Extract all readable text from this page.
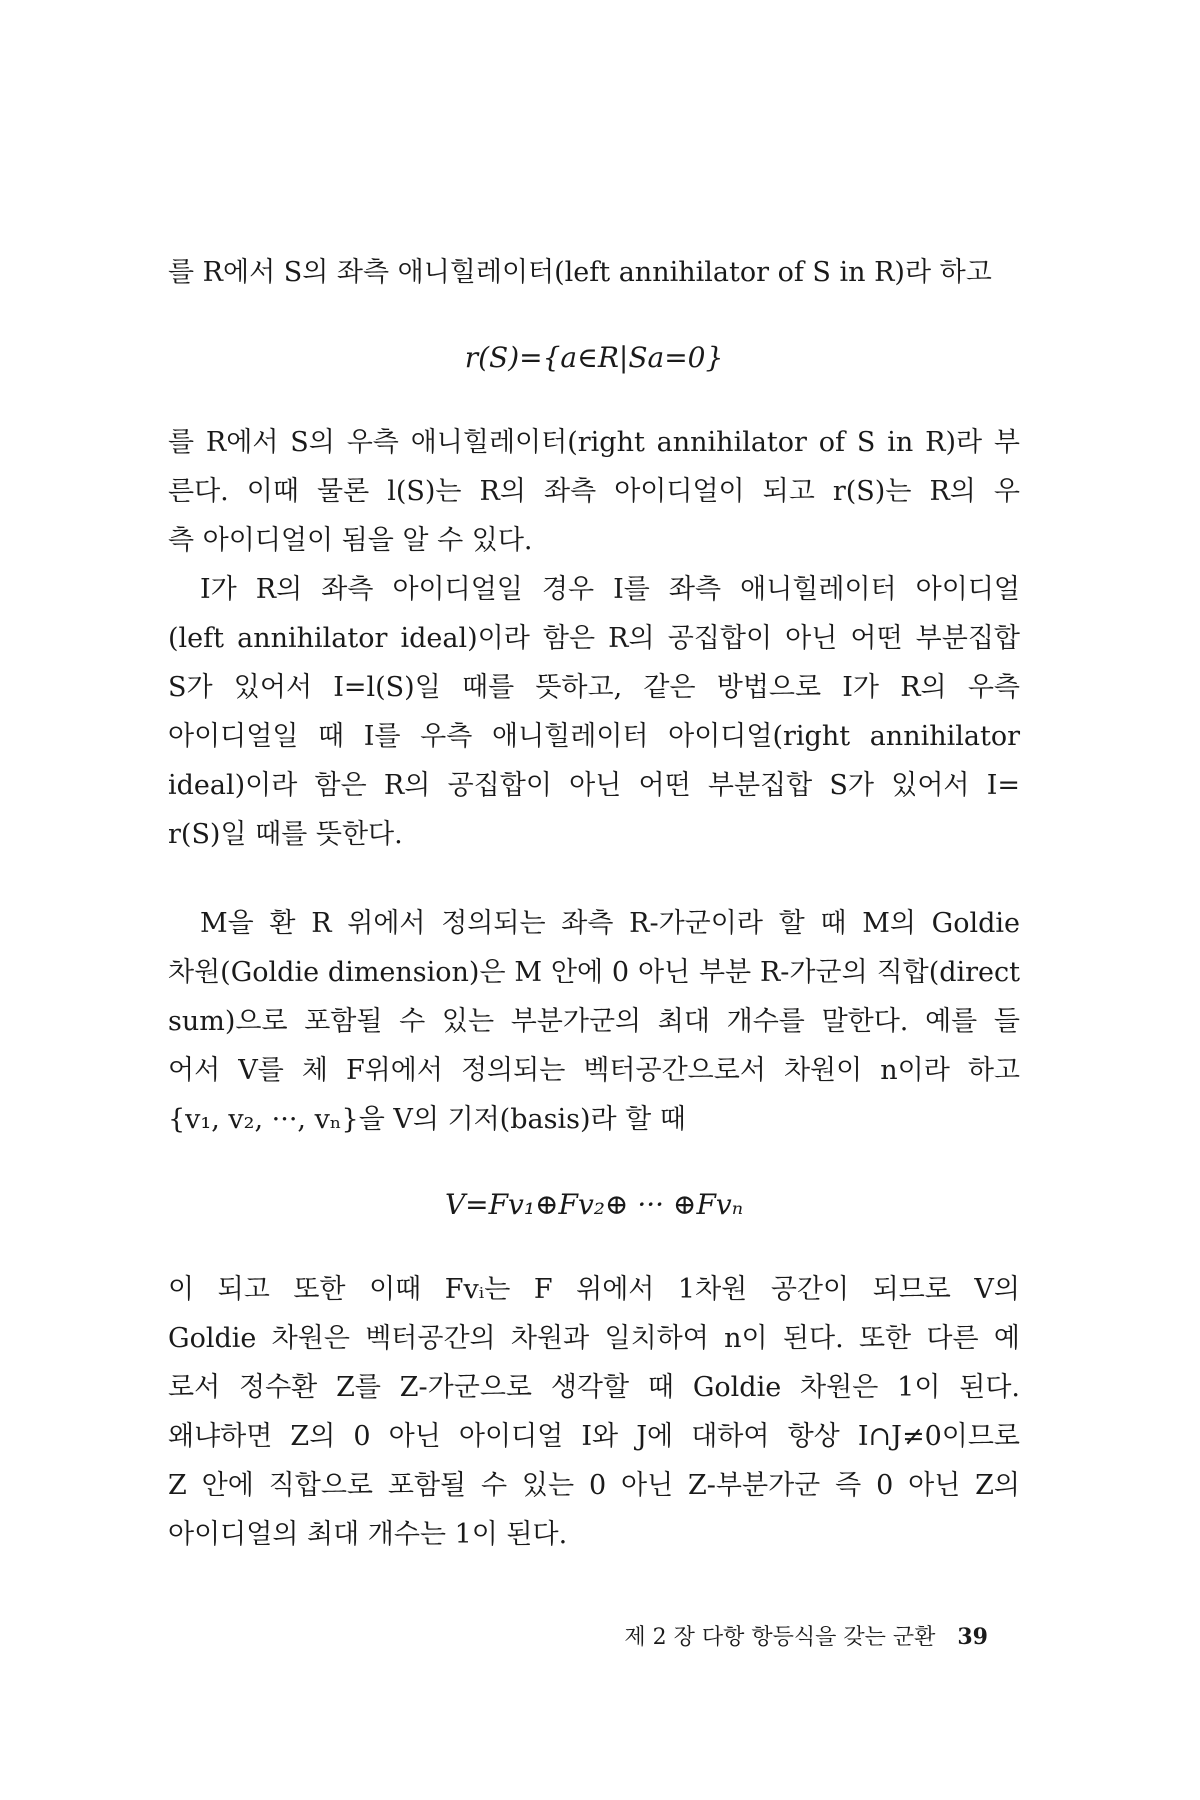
를 R에서 S의 좌측 애니힐레이터(left annihilator of S in R)라 하고
r(S)={a∈R|Sa=0}
를 R에서 S의 우측 애니힐레이터(right annihilator of S in R)라 부
른다. 이때 물론 l(S)는 R의 좌측 아이디얼이 되고 r(S)는 R의 우
측 아이디얼이 됨을 알 수 있다.
I가 R의 좌측 아이디얼일 경우 I를 좌측 애니힐레이터 아이디얼
(left annihilator ideal)이라 함은 R의 공집합이 아닌 어떤 부분집합
S가 있어서 I=l(S)일 때를 뜻하고, 같은 방법으로 I가 R의 우측
아이디얼일 때 I를 우측 애니힐레이터 아이디얼(right annihilator
ideal)이라 함은 R의 공집합이 아닌 어떤 부분집합 S가 있어서 I=
r(S)일 때를 뜻한다.
M을 환 R 위에서 정의되는 좌측 R-가군이라 할 때 M의 Goldie
차원(Goldie dimension)은 M 안에 0 아닌 부분 R-가군의 직합(direct
sum)으로 포함될 수 있는 부분가군의 최대 개수를 말한다. 예를 들
어서 V를 체 F위에서 정의되는 벡터공간으로서 차원이 n이라 하고
{v₁, v₂, ···, vₙ}을 V의 기저(basis)라 할 때
V=Fv₁⊕Fv₂⊕ ··· ⊕Fvₙ
이 되고 또한 이때 Fvᵢ는 F 위에서 1차원 공간이 되므로 V의
Goldie 차원은 벡터공간의 차원과 일치하여 n이 된다. 또한 다른 예
로서 정수환 Z를 Z-가군으로 생각할 때 Goldie 차원은 1이 된다.
왜냐하면 Z의 0 아닌 아이디얼 I와 J에 대하여 항상 I∩J≠0이므로
Z 안에 직합으로 포함될 수 있는 0 아닌 Z-부분가군 즉 0 아닌 Z의
아이디얼의 최대 개수는 1이 된다.
제 2 장 다항 항등식을 갖는 군환 39
